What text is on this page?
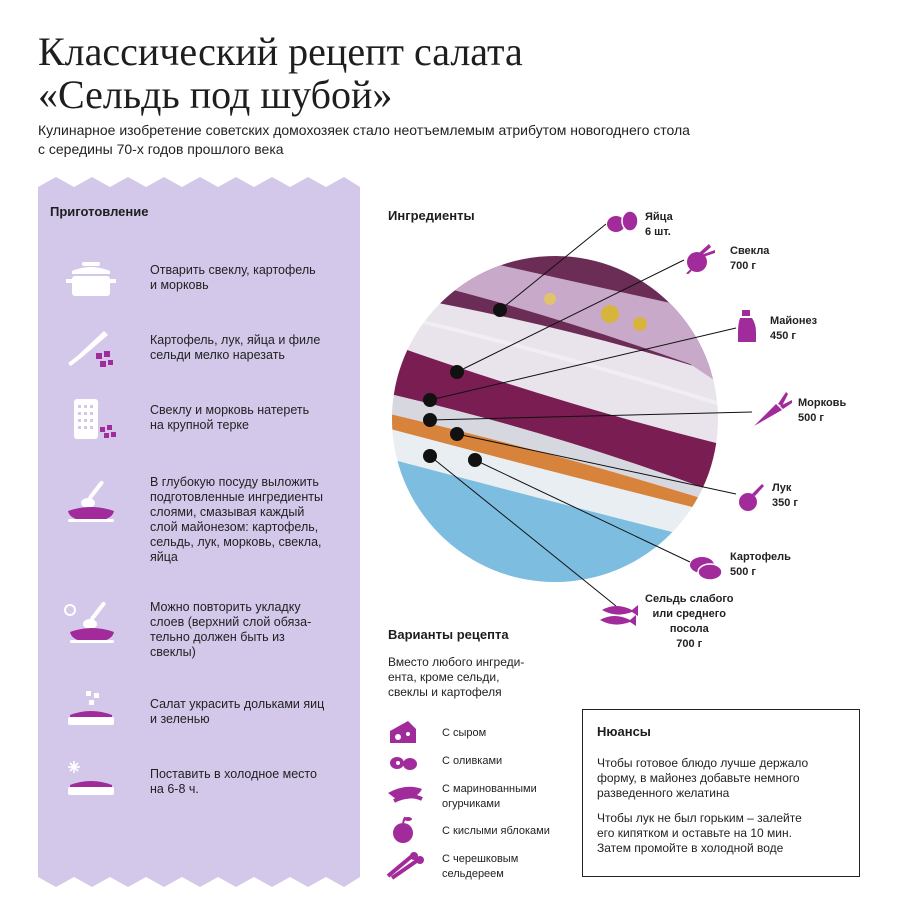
Классический рецепт салата
«Сельдь под шубой»
Кулинарное изобретение советских домохозяек стало неотъемлемым атрибутом новогоднего стола
с середины 70-х годов прошлого века
Приготовление
Отварить свеклу, картофель
и морковь
Картофель, лук, яйца и филе
сельди мелко нарезать
Свеклу и морковь натереть
на крупной терке
В глубокую посуду выложить
подготовленные ингредиенты
слоями, смазывая каждый
слой майонезом: картофель,
сельдь, лук, морковь, свекла,
яйца
Можно повторить укладку
слоев (верхний слой обяза-
тельно должен быть из
свеклы)
Салат украсить дольками яиц
и зеленью
Поставить в холодное место
на 6-8 ч.
Ингредиенты	Яйца
6 шт.
Свекла
700 г
Майонез
450 г
Морковь
500 г
Лук
350 г
Картофель
500 г
Сельдь слабого
или среднего
посола
700 г
Варианты рецепта
Вместо любого ингреди-
ента, кроме сельди,
свеклы и картофеля
С сыром
С оливками
С маринованными
огурчиками
С кислыми яблоками
С черешковым
сельдереем
Нюансы
Чтобы готовое блюдо лучше держало
форму, в майонез добавьте немного
разведенного желатина
Чтобы лук не был горьким – залейте
его кипятком и оставьте на 10 мин.
Затем промойте в холодной воде
